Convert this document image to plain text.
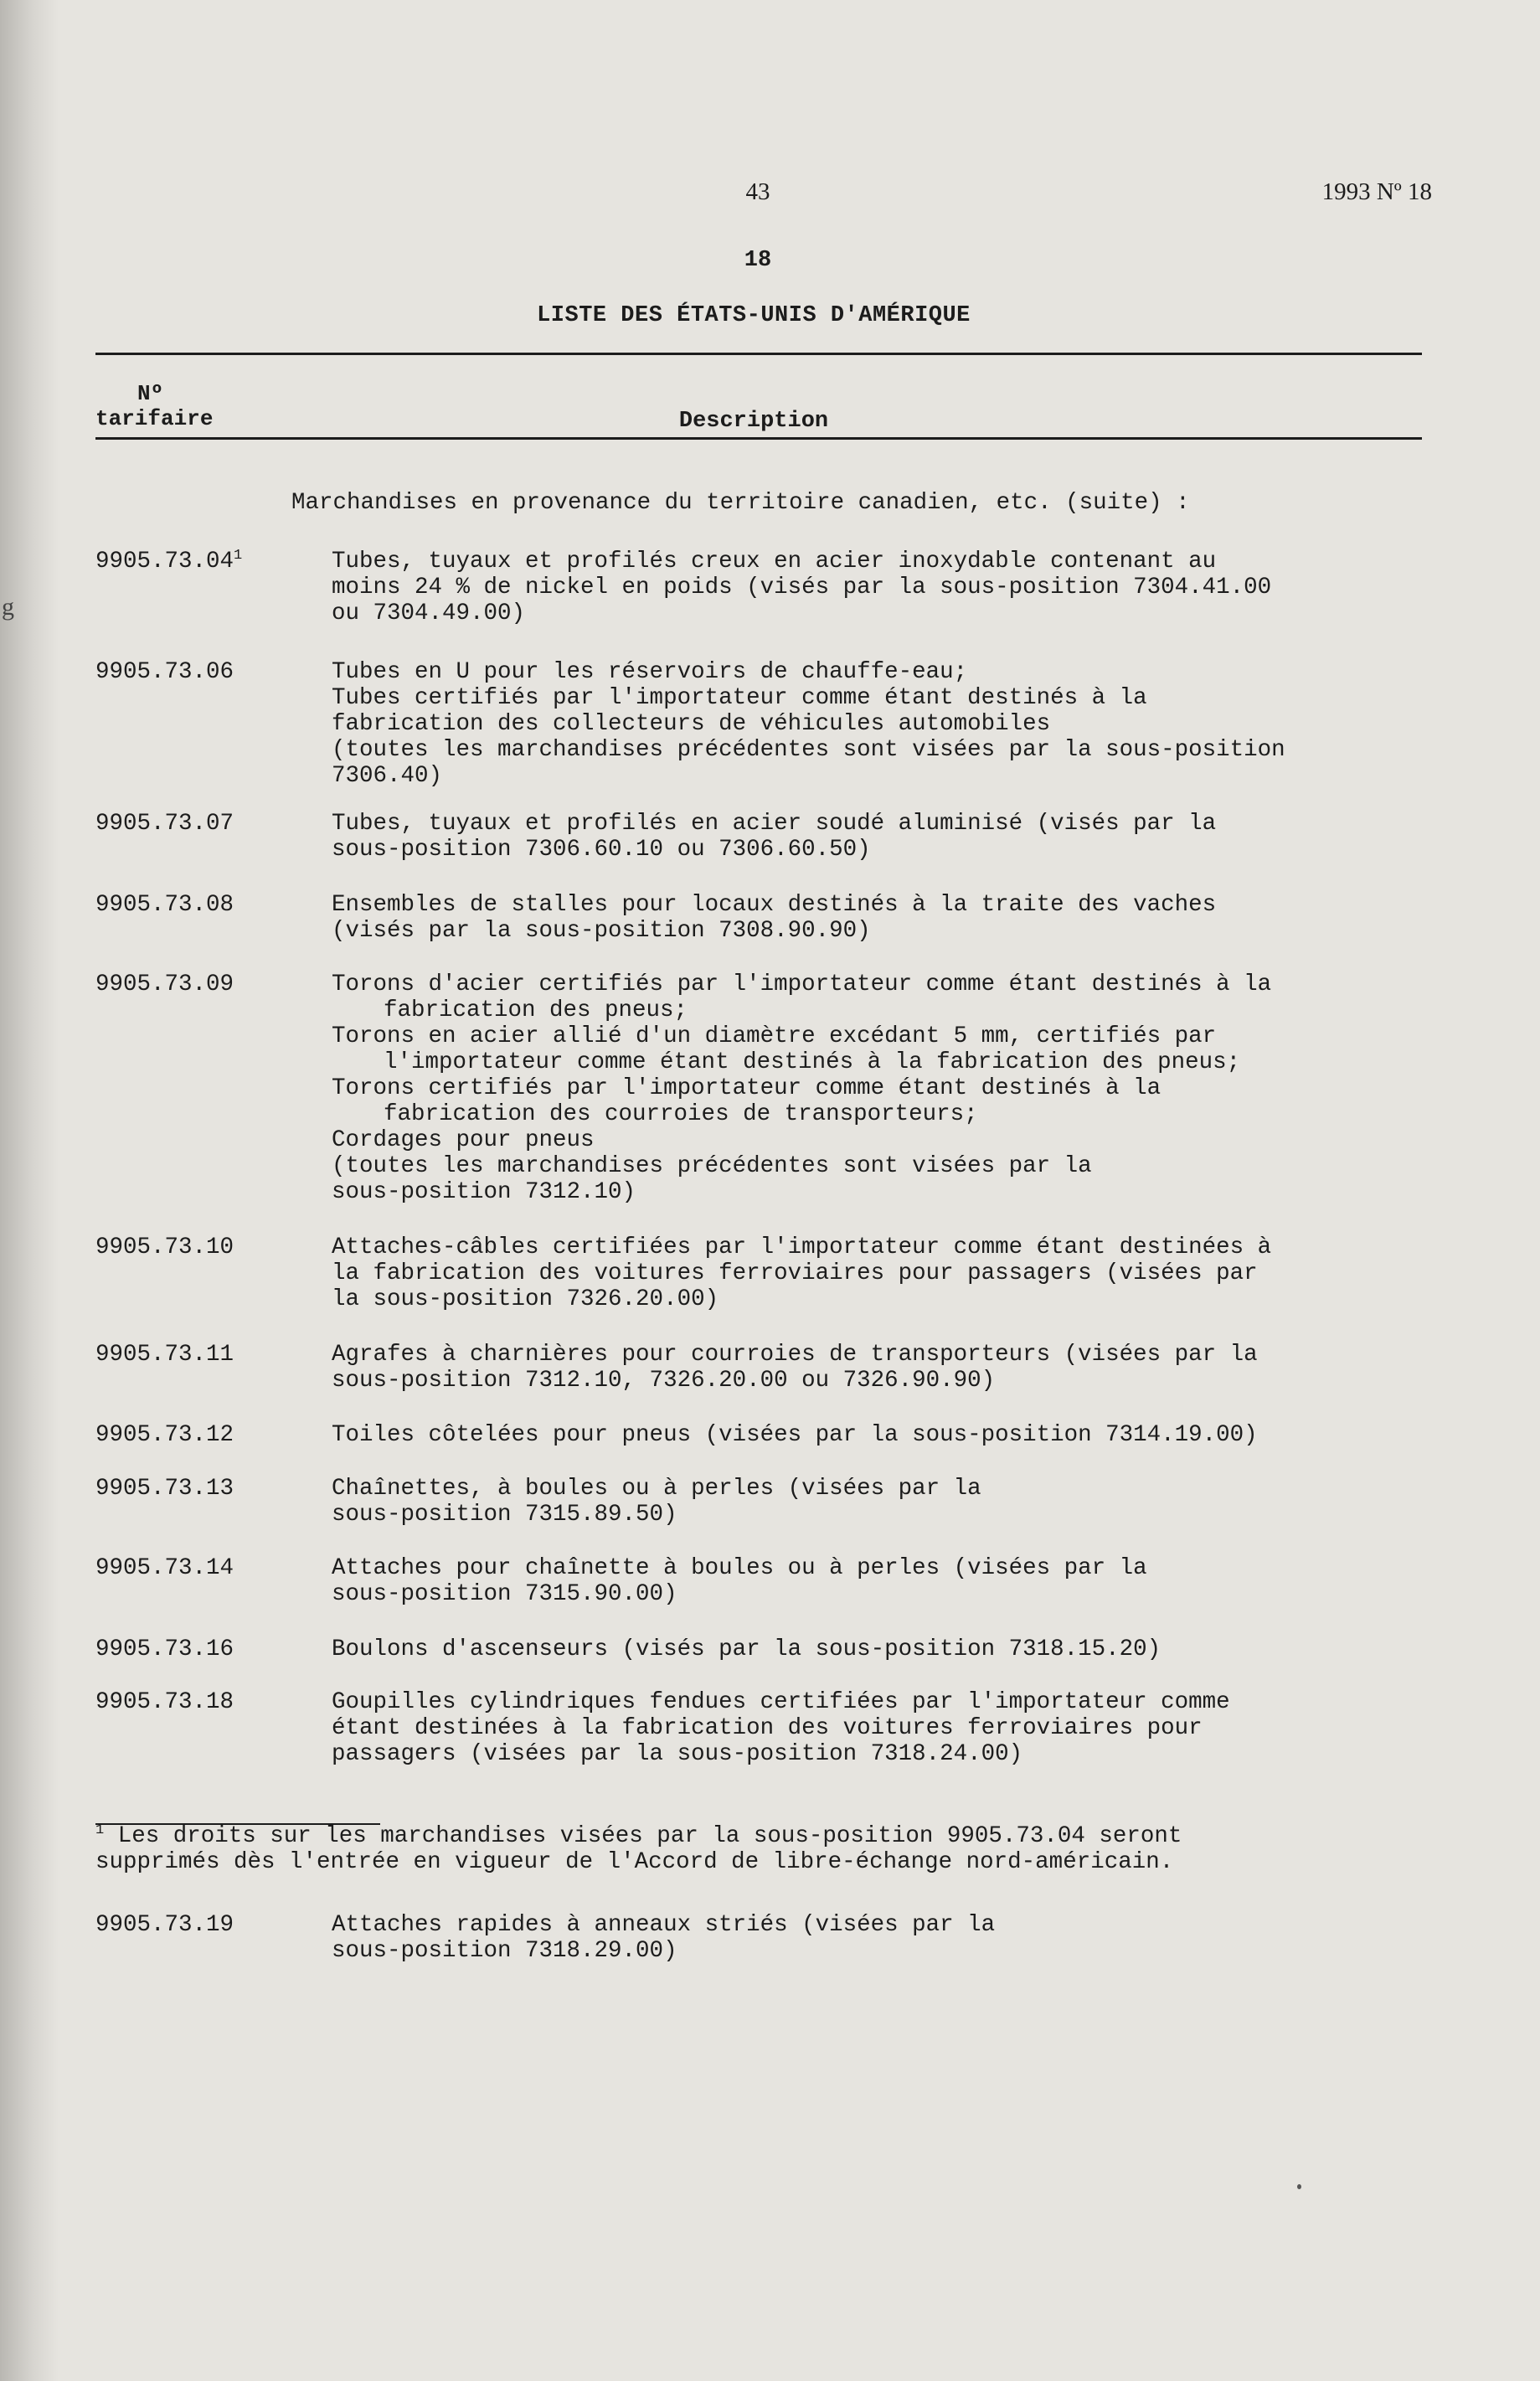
g
43	1993 Nº 18
18
LISTE DES ÉTATS-UNIS D'AMÉRIQUE
Nº
tarifaire	Description
Marchandises en provenance du territoire canadien, etc. (suite) :
9905.73.04$^1$	Tubes, tuyaux et profilés creux en acier inoxydable contenant au
moins 24 % de nickel en poids (visés par la sous-position 7304.41.00
ou 7304.49.00)
9905.73.06	Tubes en U pour les réservoirs de chauffe-eau;
Tubes certifiés par l'importateur comme étant destinés à la
fabrication des collecteurs de véhicules automobiles
(toutes les marchandises précédentes sont visées par la sous-position
7306.40)
9905.73.07	Tubes, tuyaux et profilés en acier soudé aluminisé (visés par la
sous-position 7306.60.10 ou 7306.60.50)
9905.73.08	Ensembles de stalles pour locaux destinés à la traite des vaches
(visés par la sous-position 7308.90.90)
9905.73.09	Torons d'acier certifiés par l'importateur comme étant destinés à la
fabrication des pneus;
Torons en acier allié d'un diamètre excédant 5 mm, certifiés par
l'importateur comme étant destinés à la fabrication des pneus;
Torons certifiés par l'importateur comme étant destinés à la
fabrication des courroies de transporteurs;
Cordages pour pneus
(toutes les marchandises précédentes sont visées par la
sous-position 7312.10)
9905.73.10	Attaches-câbles certifiées par l'importateur comme étant destinées à
la fabrication des voitures ferroviaires pour passagers (visées par
la sous-position 7326.20.00)
9905.73.11	Agrafes à charnières pour courroies de transporteurs (visées par la
sous-position 7312.10, 7326.20.00 ou 7326.90.90)
9905.73.12	Toiles côtelées pour pneus (visées par la sous-position 7314.19.00)
9905.73.13	Chaînettes, à boules ou à perles (visées par la
sous-position 7315.89.50)
9905.73.14	Attaches pour chaînette à boules ou à perles (visées par la
sous-position 7315.90.00)
9905.73.16	Boulons d'ascenseurs (visés par la sous-position 7318.15.20)
9905.73.18	Goupilles cylindriques fendues certifiées par l'importateur comme
étant destinées à la fabrication des voitures ferroviaires pour
passagers (visées par la sous-position 7318.24.00)
$^1$ Les droits sur les marchandises visées par la sous-position 9905.73.04 seront
supprimés dès l'entrée en vigueur de l'Accord de libre-échange nord-américain.
9905.73.19	Attaches rapides à anneaux striés (visées par la
sous-position 7318.29.00)
